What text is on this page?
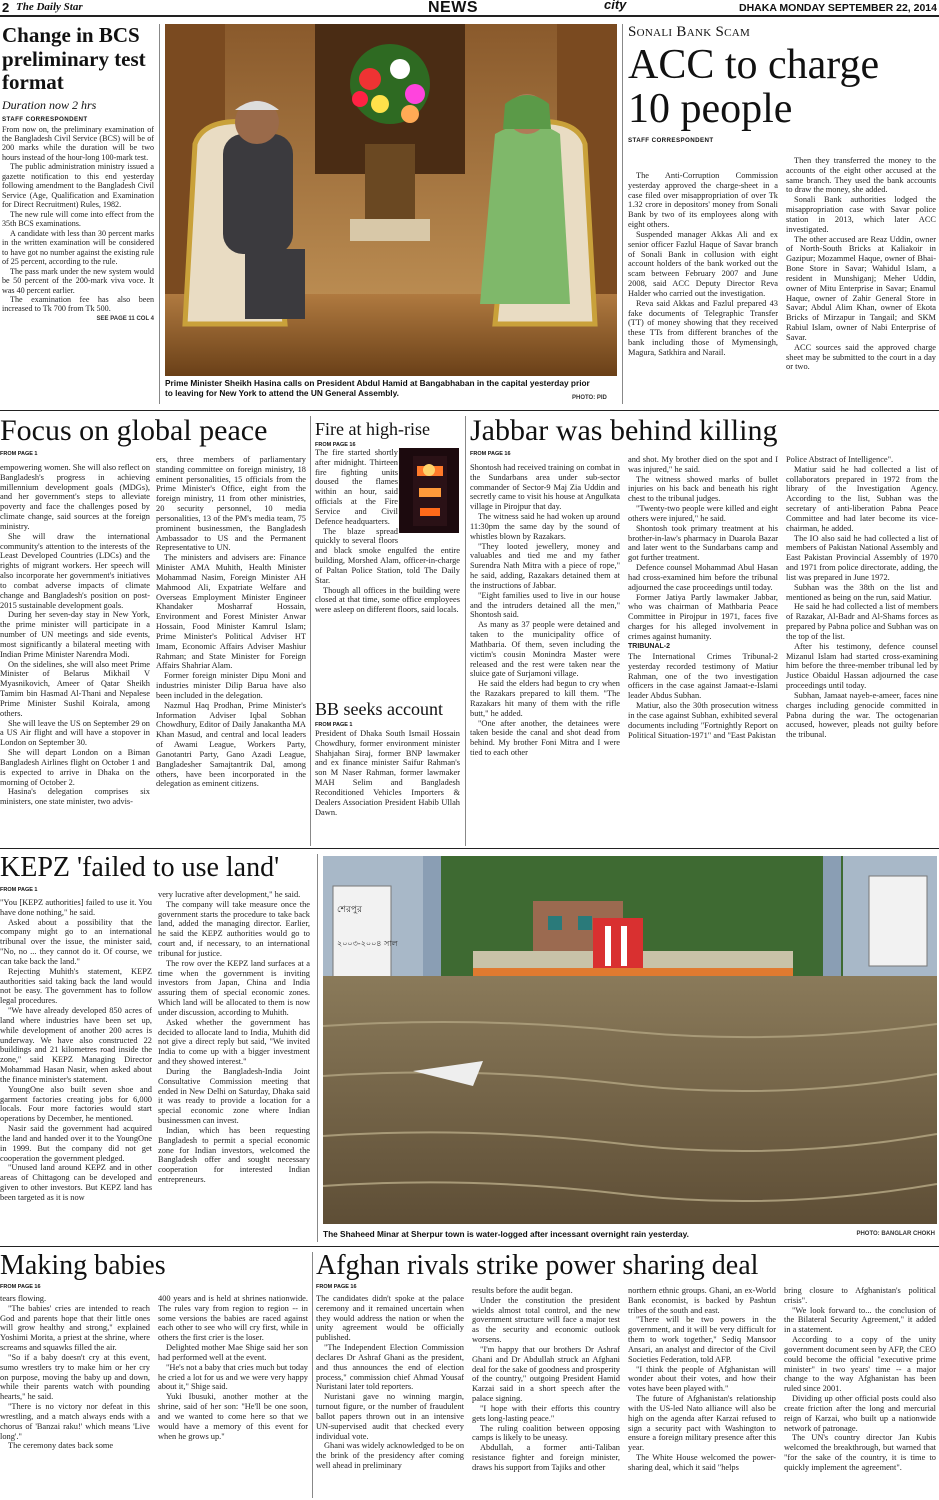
2 The Daily Star	NEWS	city	DHAKA MONDAY SEPTEMBER 22, 2014
Change in BCS preliminary test format
Duration now 2 hrs
STAFF CORRESPONDENT

From now on, the preliminary examination of the Bangladesh Civil Service (BCS) will be of 200 marks while the duration will be two hours instead of the hour-long 100-mark test.

The public administration ministry issued a gazette notification to this end yesterday following amendment to the Bangladesh Civil Service (Age, Qualification and Examination for Direct Recruitment) Rules, 1982.

The new rule will come into effect from the 35th BCS examinations.

A candidate with less than 30 percent marks in the written examination will be considered to have got no number against the existing rule of 25 percent, according to the rule.

The pass mark under the new system would be 50 percent of the 200-mark viva voce. It was 40 percent earlier.

The examination fee has also been increased to Tk 700 from Tk 500.

SEE PAGE 11 COL 4
Prime Minister Sheikh Hasina calls on President Abdul Hamid at Bangabhaban in the capital yesterday prior to leaving for New York to attend the UN General Assembly.	PHOTO: PID
Sonali Bank Scam
ACC to charge 10 people
STAFF CORRESPONDENT

The Anti-Corruption Commission yesterday approved the charge-sheet in a case filed over misappropriation of over Tk 1.32 crore in depositors' money from Sonali Bank by two of its employees along with eight others.

Suspended manager Akkas Ali and ex senior officer Fazlul Haque of Savar branch of Sonali Bank in collusion with eight account holders of the bank worked out the scam between February 2007 and June 2008, said ACC Deputy Director Reva Halder who carried out the investigation.

Reva said Akkas and Fazlul prepared 43 fake documents of Telegraphic Transfer (TT) of money showing that they received these TTs from different branches of the bank including those of Mymensingh, Magura, Satkhira and Narail.

Then they transferred the money to the accounts of the eight other accused at the same branch. They used the bank accounts to draw the money, she added.

Sonali Bank authorities lodged the misappropriation case with Savar police station in 2013, which later ACC investigated.

The other accused are Reaz Uddin, owner of North-South Bricks at Kaliakoir in Gazipur; Mozammel Haque, owner of Bhai-Bone Store in Savar; Wahidul Islam, a resident in Munshiganj; Meher Uddin, owner of Mitu Enterprise in Savar; Enamul Haque, owner of Zahir General Store in Savar; Abdul Alim Khan, owner of Ekota Bricks of Mirzapur in Tangail; and SKM Rabiul Islam, owner of Nabi Enterprise of Savar.

ACC sources said the approved charge sheet may be submitted to the court in a day or two.

Focus on global peace
FROM PAGE 1

empowering women. She will also reflect on Bangladesh's progress in achieving millennium development goals (MDGs), and her government's steps to alleviate poverty and face the challenges posed by climate change, said sources at the foreign ministry.

She will draw the international community's attention to the interests of the Least Developed Countries (LDCs) and the rights of migrant workers. Her speech will also incorporate her government's initiatives to combat adverse impacts of climate change and Bangladesh's position on post-2015 sustainable development goals.

During her seven-day stay in New York, the prime minister will participate in a number of UN meetings and side events, most significantly a bilateral meeting with Indian Prime Minister Narendra Modi.

On the sidelines, she will also meet Prime Minister of Belarus Mikhail V Myasnikovich, Ameer of Qatar Sheikh Tamim bin Hasmad Al-Thani and Nepalese Prime Minister Sushil Koirala, among others.

She will leave the US on September 29 on a US Air flight and will have a stopover in London on September 30.

She will depart London on a Biman Bangladesh Airlines flight on October 1 and is expected to arrive in Dhaka on the morning of October 2.

Hasina's delegation comprises six ministers, one state minister, two advis-

ers, three members of parliamentary standing committee on foreign ministry, 18 eminent personalities, 15 officials from the Prime Minister's Office, eight from the foreign ministry, 11 from other ministries, 20 security personnel, 10 media personalities, 13 of the PM's media team, 75 prominent businessmen, the Bangladesh Ambassador to US and the Permanent Representative to UN.

The ministers and advisers are: Finance Minister AMA Muhith, Health Minister Mohammad Nasim, Foreign Minister AH Mahmood Ali, Expatriate Welfare and Overseas Employment Minister Engineer Khandaker Mosharraf Hossain, Environment and Forest Minister Anwar Hossain, Food Minister Kamrul Islam; Prime Minister's Political Adviser HT Imam, Economic Affairs Adviser Mashiur Rahman; and State Minister for Foreign Affairs Shahriar Alam.

Former foreign minister Dipu Moni and industries minister Dilip Barua have also been included in the delegation.

Nazmul Haq Prodhan, Prime Minister's Information Adviser Iqbal Sobhan Chowdhury, Editor of Daily Janakantha MA Khan Masud, and central and local leaders of Awami League, Workers Party, Ganotantri Party, Gano Azadi League, Bangladesher Samajtantrik Dal, among others, have been incorporated in the delegation as eminent citizens.

Fire at high-rise
FROM PAGE 16

The fire started shortly after midnight. Thirteen fire fighting units doused the flames within an hour, said officials at the Fire Service and Civil Defence headquarters.

The blaze spread quickly to several floors and black smoke engulfed the entire building, Morshed Alam, officer-in-charge of Paltan Police Station, told The Daily Star.

Though all offices in the building were closed at that time, some office employees were asleep on different floors, said locals.

BB seeks account
FROM PAGE 1

President of Dhaka South Ismail Hossain Chowdhury, former environment minister Shahjahan Siraj, former BNP lawmaker and ex finance minister Saifur Rahman's son M Naser Rahman, former lawmaker MAH Selim and Bangladesh Reconditioned Vehicles Importers & Dealers Association President Habib Ullah Dawn.

Jabbar was behind killing
FROM PAGE 16

Shontosh had received training on combat in the Sundarbans area under sub-sector commander of Sector-9 Maj Zia Uddin and secretly came to visit his house at Angulkata village in Pirojpur that day.

The witness said he had woken up around 11:30pm the same day by the sound of whistles blown by Razakars.

"They looted jewellery, money and valuables and tied me and my father Surendra Nath Mitra with a piece of rope," he said, adding, Razakars detained them at the instructions of Jabbar.

"Eight families used to live in our house and the intruders detained all the men," Shontosh said.

As many as 37 people were detained and taken to the municipality office of Mathbaria. Of them, seven including the victim's cousin Monindra Master were released and the rest were taken near the sluice gate of Surjamoni village.

He said the elders had begun to cry when the Razakars prepared to kill them. "The Razakars hit many of them with the rifle butt," he added.

"One after another, the detainees were taken beside the canal and shot dead from behind. My brother Foni Mitra and I were tied to each other

and shot. My brother died on the spot and I was injured," he said.

The witness showed marks of bullet injuries on his back and beneath his right chest to the tribunal judges.

"Twenty-two people were killed and eight others were injured," he said.

Shontosh took primary treatment at his brother-in-law's pharmacy in Duarola Bazar and later went to the Sundarbans camp and got further treatment.

Defence counsel Mohammad Abul Hasan had cross-examined him before the tribunal adjourned the case proceedings until today.

Former Jatiya Partly lawmaker Jabbar, who was chairman of Mathbaria Peace Committee in Pirojpur in 1971, faces five charges for his alleged involvement in crimes against humanity.

TRIBUNAL-2

The International Crimes Tribunal-2 yesterday recorded testimony of Matiur Rahman, one of the two investigation officers in the case against Jamaat-e-Islami leader Abdus Subhan.

Matiur, also the 30th prosecution witness in the case against Subhan, exhibited several documents including "Fortnightly Report on Political Situation-1971" and "East Pakistan

Police Abstract of Intelligence".

Matiur said he had collected a list of collaborators prepared in 1972 from the library of the Investigation Agency. According to the list, Subhan was the secretary of anti-liberation Pabna Peace Committee and had later become its vice-chairman, he added.

The IO also said he had collected a list of members of Pakistan National Assembly and East Pakistan Provincial Assembly of 1970 and 1971 from police directorate, adding, the list was prepared in June 1972.

Subhan was the 38th on the list and mentioned as being on the run, said Matiur.

He said he had collected a list of members of Razakar, Al-Badr and Al-Shams forces as prepared by Pabna police and Subhan was on the top of the list.

After his testimony, defence counsel Mizanul Islam had started cross-examining him before the three-member tribunal led by Justice Obaidul Hassan adjourned the case proceedings until today.

Subhan, Jamaat nayeb-e-ameer, faces nine charges including genocide committed in Pabna during the war. The octogenarian accused, however, pleads not guilty before the tribunal.

KEPZ 'failed to use land'
FROM PAGE 1

"You [KEPZ authorities] failed to use it. You have done nothing," he said.

Asked about a possibility that the company might go to an international tribunal over the issue, the minister said, "No, no ... they cannot do it. Of course, we can take back the land."

Rejecting Muhith's statement, KEPZ authorities said taking back the land would not be easy. The government has to follow legal procedures.

"We have already developed 850 acres of land where industries have been set up, while development of another 200 acres is underway. We have also constructed 22 buildings and 21 kilometres road inside the zone," said KEPZ Managing Director Mohammad Hasan Nasir, when asked about the finance minister's statement.

YoungOne also built seven shoe and garment factories creating jobs for 6,000 locals. Four more factories would start operations by December, he mentioned.

Nasir said the government had acquired the land and handed over it to the YoungOne in 1999. But the company did not get cooperation the government pledged.

"Unused land around KEPZ and in other areas of Chittagong can be developed and given to other investors. But KEPZ land has been targeted as it is now

very lucrative after development," he said.

The company will take measure once the government starts the procedure to take back land, added the managing director. Earlier, he said the KEPZ authorities would go to court and, if necessary, to an international tribunal for justice.

The row over the KEPZ land surfaces at a time when the government is inviting investors from Japan, China and India assuring them of special economic zones. Which land will be allocated to them is now under discussion, according to Muhith.

Asked whether the government has decided to allocate land to India, Muhith did not give a direct reply but said, "We invited India to come up with a bigger investment and they showed interest."

During the Bangladesh-India Joint Consultative Commission meeting that ended in New Delhi on Saturday, Dhaka said it was ready to provide a location for a special economic zone where Indian businessmen can invest.

Indian, which has been requesting Bangladesh to permit a special economic zone for Indian investors, welcomed the Bangladesh offer and sought necessary cooperation for interested Indian entrepreneurs.

শেরপুর
২০০৩-২০০৪ সাল
The Shaheed Minar at Sherpur town is water-logged after incessant overnight rain yesterday.	PHOTO: BANGLAR CHOKH
Making babies
FROM PAGE 16

tears flowing.

"The babies' cries are intended to reach God and parents hope that their little ones will grow healthy and strong," explained Yoshimi Morita, a priest at the shrine, where screams and squawks filled the air.

"So if a baby doesn't cry at this event, sumo wrestlers try to make him or her cry on purpose, moving the baby up and down, while their parents watch with pounding hearts," he said.

"There is no victory nor defeat in this wrestling, and a match always ends with a chorus of 'Banzai raku!' which means 'Live long'."

The ceremony dates back some

400 years and is held at shrines nationwide. The rules vary from region to region -- in some versions the babies are raced against each other to see who will cry first, while in others the first crier is the loser.

Delighted mother Mae Shige said her son had performed well at the event.

"He's not a baby that cries much but today he cried a lot for us and we were very happy about it," Shige said.

Yuki Ibusuki, another mother at the shrine, said of her son: "He'll be one soon, and we wanted to come here so that we would have a memory of this event for when he grows up."

Afghan rivals strike power sharing deal
FROM PAGE 16

The candidates didn't spoke at the palace ceremony and it remained uncertain when they would address the nation or when the unity agreement would be officially published.

"The Independent Election Commission declares Dr Ashraf Ghani as the president, and thus announces the end of election process," commission chief Ahmad Yousaf Nuristani later told reporters.

Nuristani gave no winning margin, turnout figure, or the number of fraudulent ballot papers thrown out in an intensive UN-supervised audit that checked every individual vote.

Ghani was widely acknowledged to be on the brink of the presidency after coming well ahead in preliminary

results before the audit began.

Under the constitution the president wields almost total control, and the new government structure will face a major test as the security and economic outlook worsens.

"I'm happy that our brothers Dr Ashraf Ghani and Dr Abdullah struck an Afghani deal for the sake of goodness and prosperity of the country," outgoing President Hamid Karzai said in a short speech after the palace signing.

"I hope with their efforts this country gets long-lasting peace."

The ruling coalition between opposing camps is likely to be uneasy.

Abdullah, a former anti-Taliban resistance fighter and foreign minister, draws his support from Tajiks and other

northern ethnic groups. Ghani, an ex-World Bank economist, is backed by Pashtun tribes of the south and east.

"There will be two powers in the government, and it will be very difficult for them to work together," Sediq Mansoor Ansari, an analyst and director of the Civil Societies Federation, told AFP.

"I think the people of Afghanistan will wonder about their votes, and how their votes have been played with."

The future of Afghanistan's relationship with the US-led Nato alliance will also be high on the agenda after Karzai refused to sign a security pact with Washington to ensure a foreign military presence after this year.

The White House welcomed the power-sharing deal, which it said "helps

bring closure to Afghanistan's political crisis".

"We look forward to... the conclusion of the Bilateral Security Agreement," it added in a statement.

According to a copy of the unity government document seen by AFP, the CEO could become the official "executive prime minister" in two years' time -- a major change to the way Afghanistan has been ruled since 2001.

Dividing up other official posts could also create friction after the long and mercurial reign of Karzai, who built up a nationwide network of patronage.

The UN's country director Jan Kubis welcomed the breakthrough, but warned that "for the sake of the country, it is time to quickly implement the agreement".
